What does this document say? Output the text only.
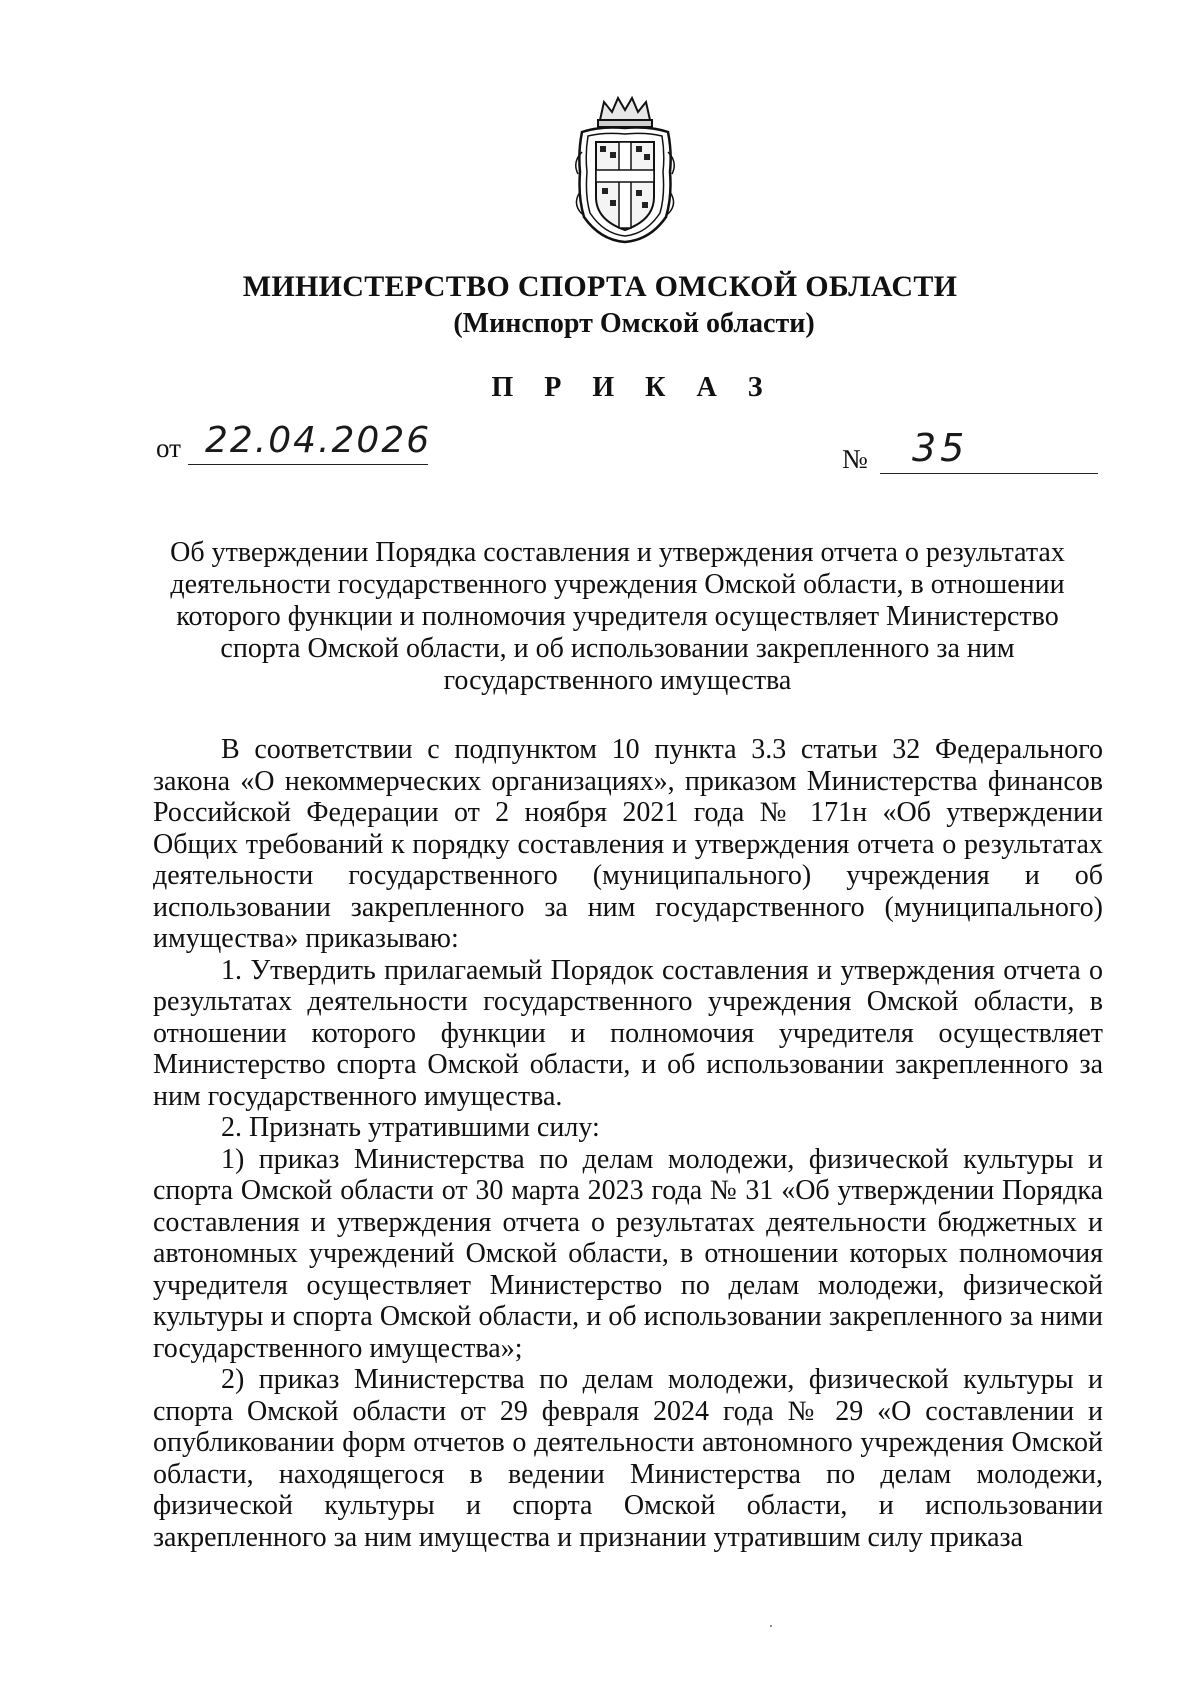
МИНИСТЕРСТВО СПОРТА ОМСКОЙ ОБЛАСТИ
(Минспорт Омской области)
П Р И К А З
от 22.04.2026	№ 35
Об утверждении Порядка составления и утверждения отчета о результатах деятельности государственного учреждения Омской области, в отношении которого функции и полномочия учредителя осуществляет Министерство спорта Омской области, и об использовании закрепленного за ним государственного имущества

В соответствии с подпунктом 10 пункта 3.3 статьи 32 Федерального закона «О некоммерческих организациях», приказом Министерства финансов Российской Федерации от 2 ноября 2021 года № 171н «Об утверждении Общих требований к порядку составления и утверждения отчета о результатах деятельности государственного (муниципального) учреждения и об использовании закрепленного за ним государственного (муниципального) имущества» приказываю:

1. Утвердить прилагаемый Порядок составления и утверждения отчета о результатах деятельности государственного учреждения Омской области, в отношении которого функции и полномочия учредителя осуществляет Министерство спорта Омской области, и об использовании закрепленного за ним государственного имущества.

2. Признать утратившими силу:

1) приказ Министерства по делам молодежи, физической культуры и спорта Омской области от 30 марта 2023 года № 31 «Об утверждении Порядка составления и утверждения отчета о результатах деятельности бюджетных и автономных учреждений Омской области, в отношении которых полномочия учредителя осуществляет Министерство по делам молодежи, физической культуры и спорта Омской области, и об использовании закрепленного за ними государственного имущества»;

2) приказ Министерства по делам молодежи, физической культуры и спорта Омской области от 29 февраля 2024 года № 29 «О составлении и опубликовании форм отчетов о деятельности автономного учреждения Омской области, находящегося в ведении Министерства по делам молодежи, физической культуры и спорта Омской области, и использовании закрепленного за ним имущества и признании утратившим силу приказа
